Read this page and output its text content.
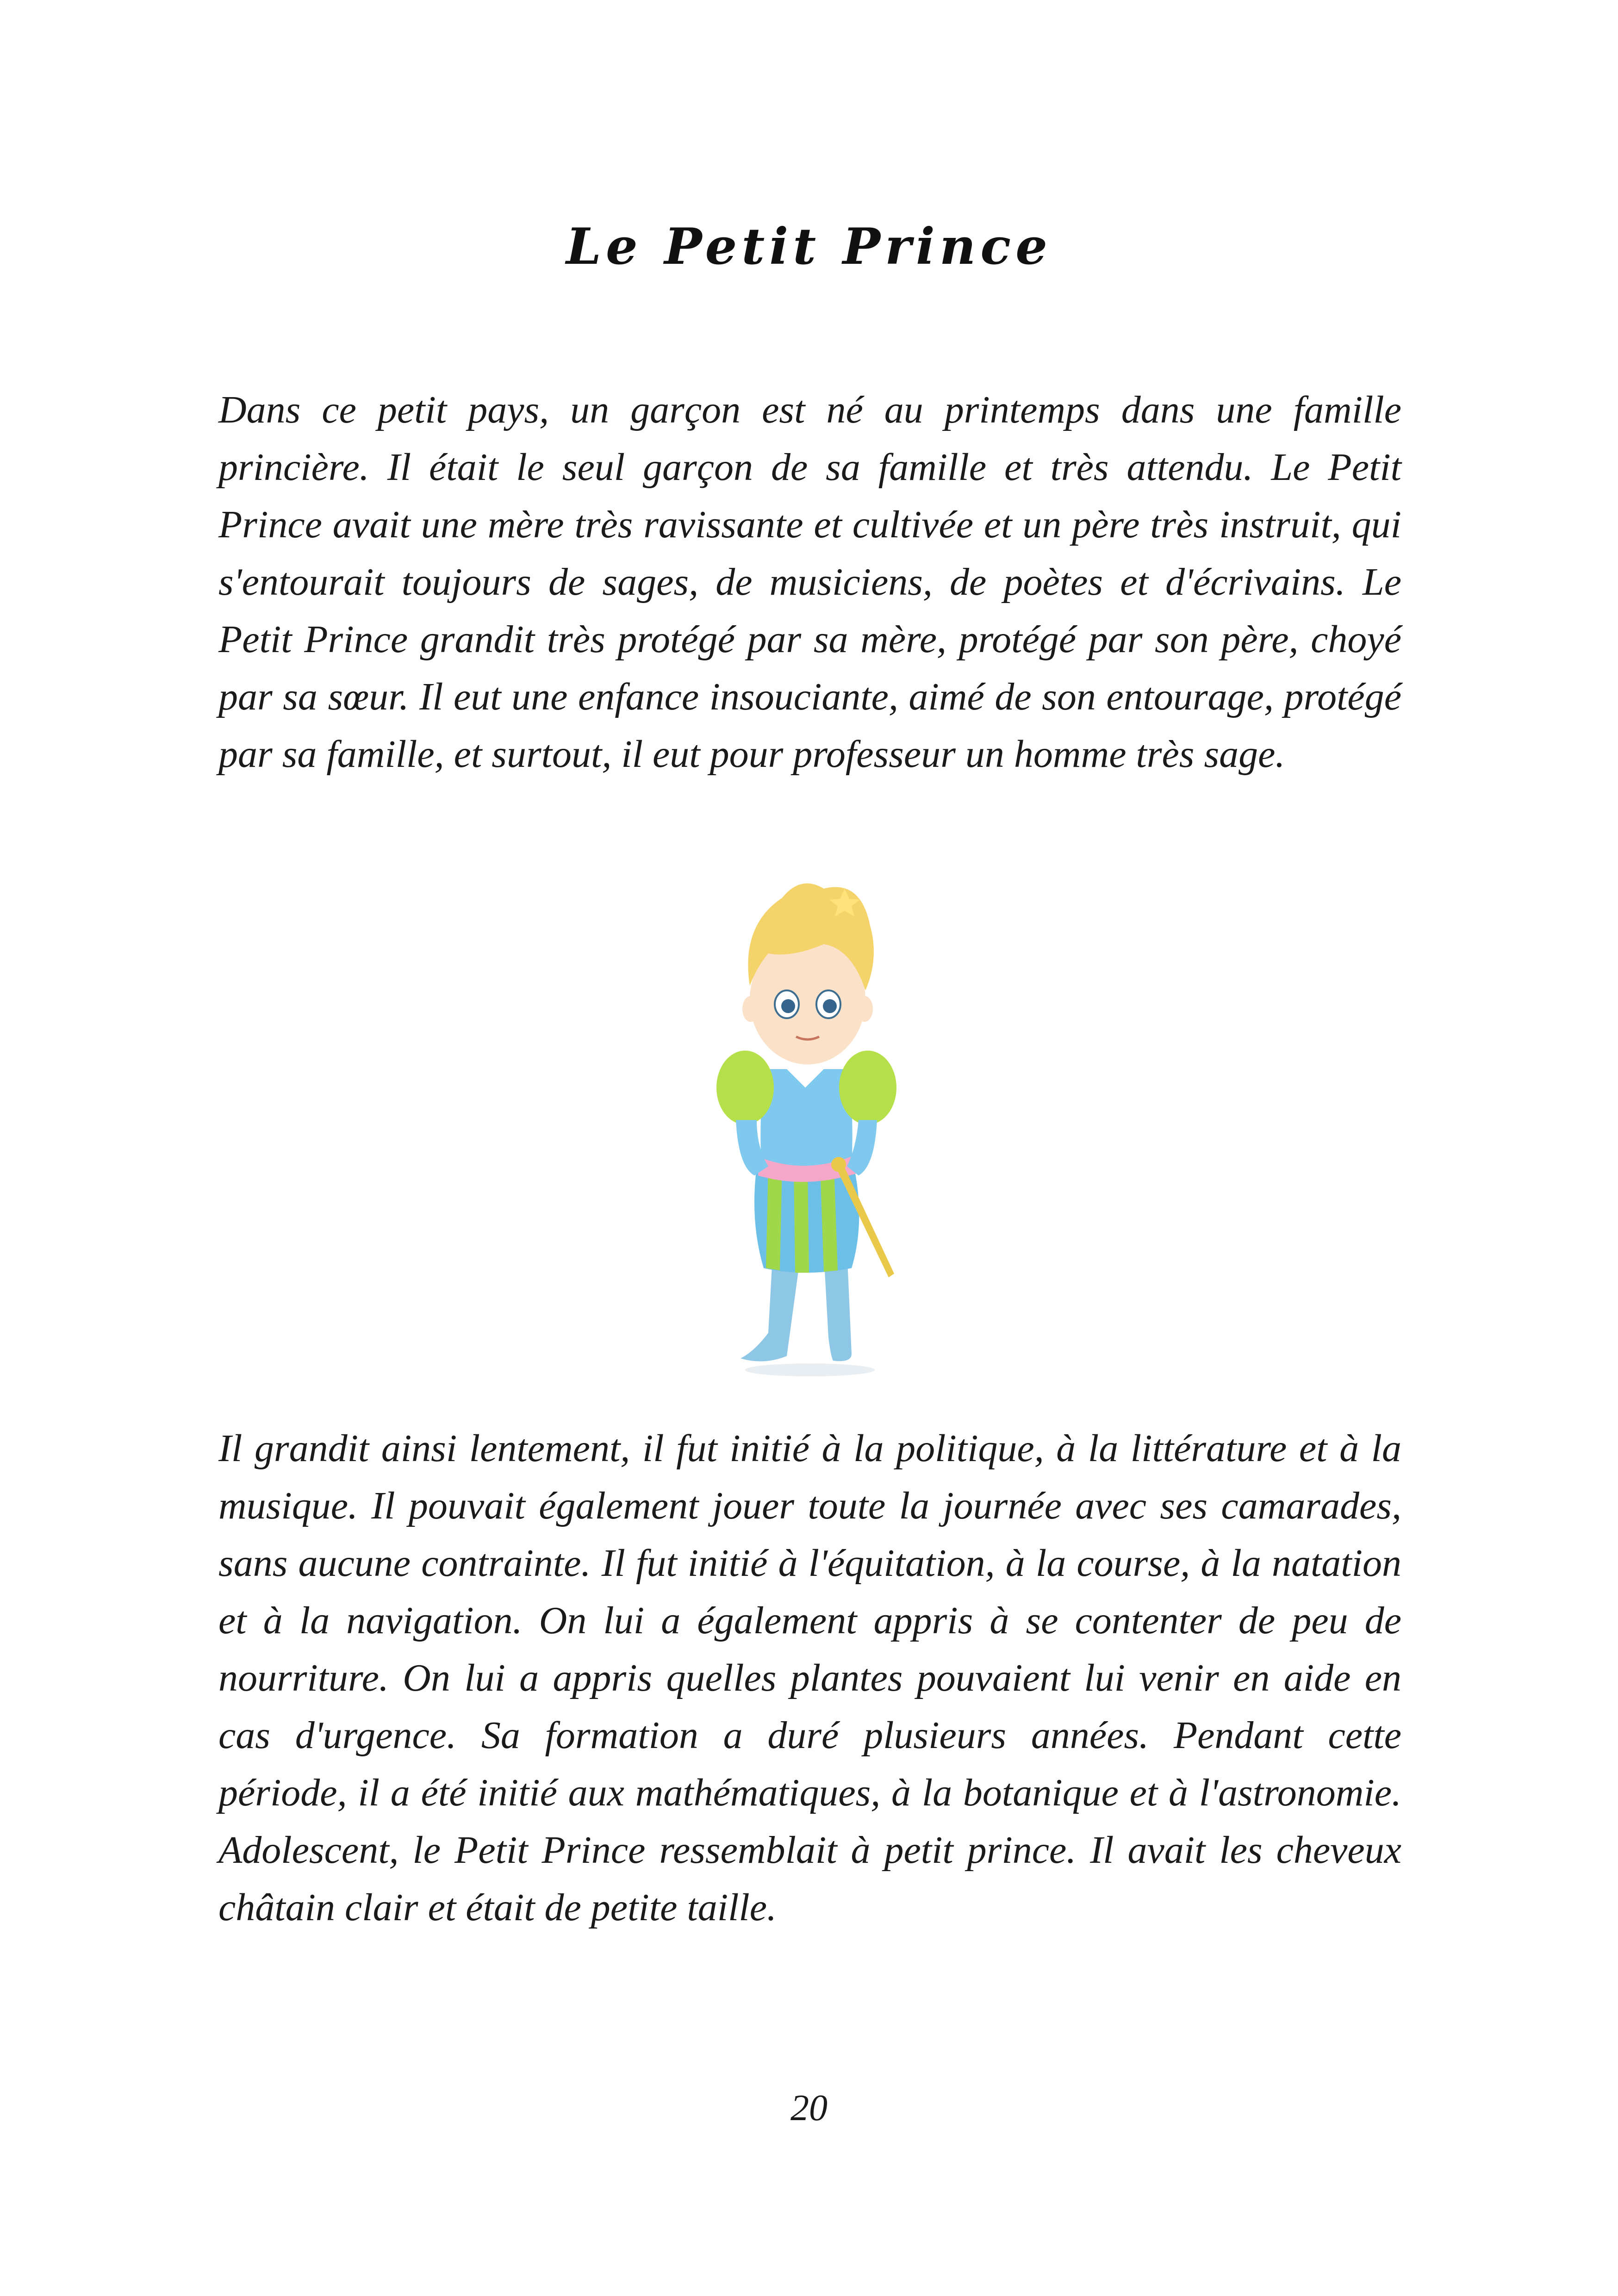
Le Petit Prince

Dans ce petit pays, un garçon est né au printemps dans une famille princière. Il était le seul garçon de sa famille et très attendu. Le Petit Prince avait une mère très ravissante et cultivée et un père très instruit, qui s'entourait toujours de sages, de musiciens, de poètes et d'écrivains. Le Petit Prince grandit très protégé par sa mère, protégé par son père, choyé par sa sœur. Il eut une enfance insouciante, aimé de son entourage, protégé par sa famille, et surtout, il eut pour professeur un homme très sage.

Il grandit ainsi lentement, il fut initié à la politique, à la littérature et à la musique. Il pouvait également jouer toute la journée avec ses camarades, sans aucune contrainte. Il fut initié à l'équitation, à la course, à la natation et à la navigation. On lui a également appris à se contenter de peu de nourriture. On lui a appris quelles plantes pouvaient lui venir en aide en cas d'urgence. Sa formation a duré plusieurs années. Pendant cette période, il a été initié aux mathématiques, à la botanique et à l'astronomie. Adolescent, le Petit Prince ressemblait à petit prince. Il avait les cheveux châtain clair et était de petite taille.

20
